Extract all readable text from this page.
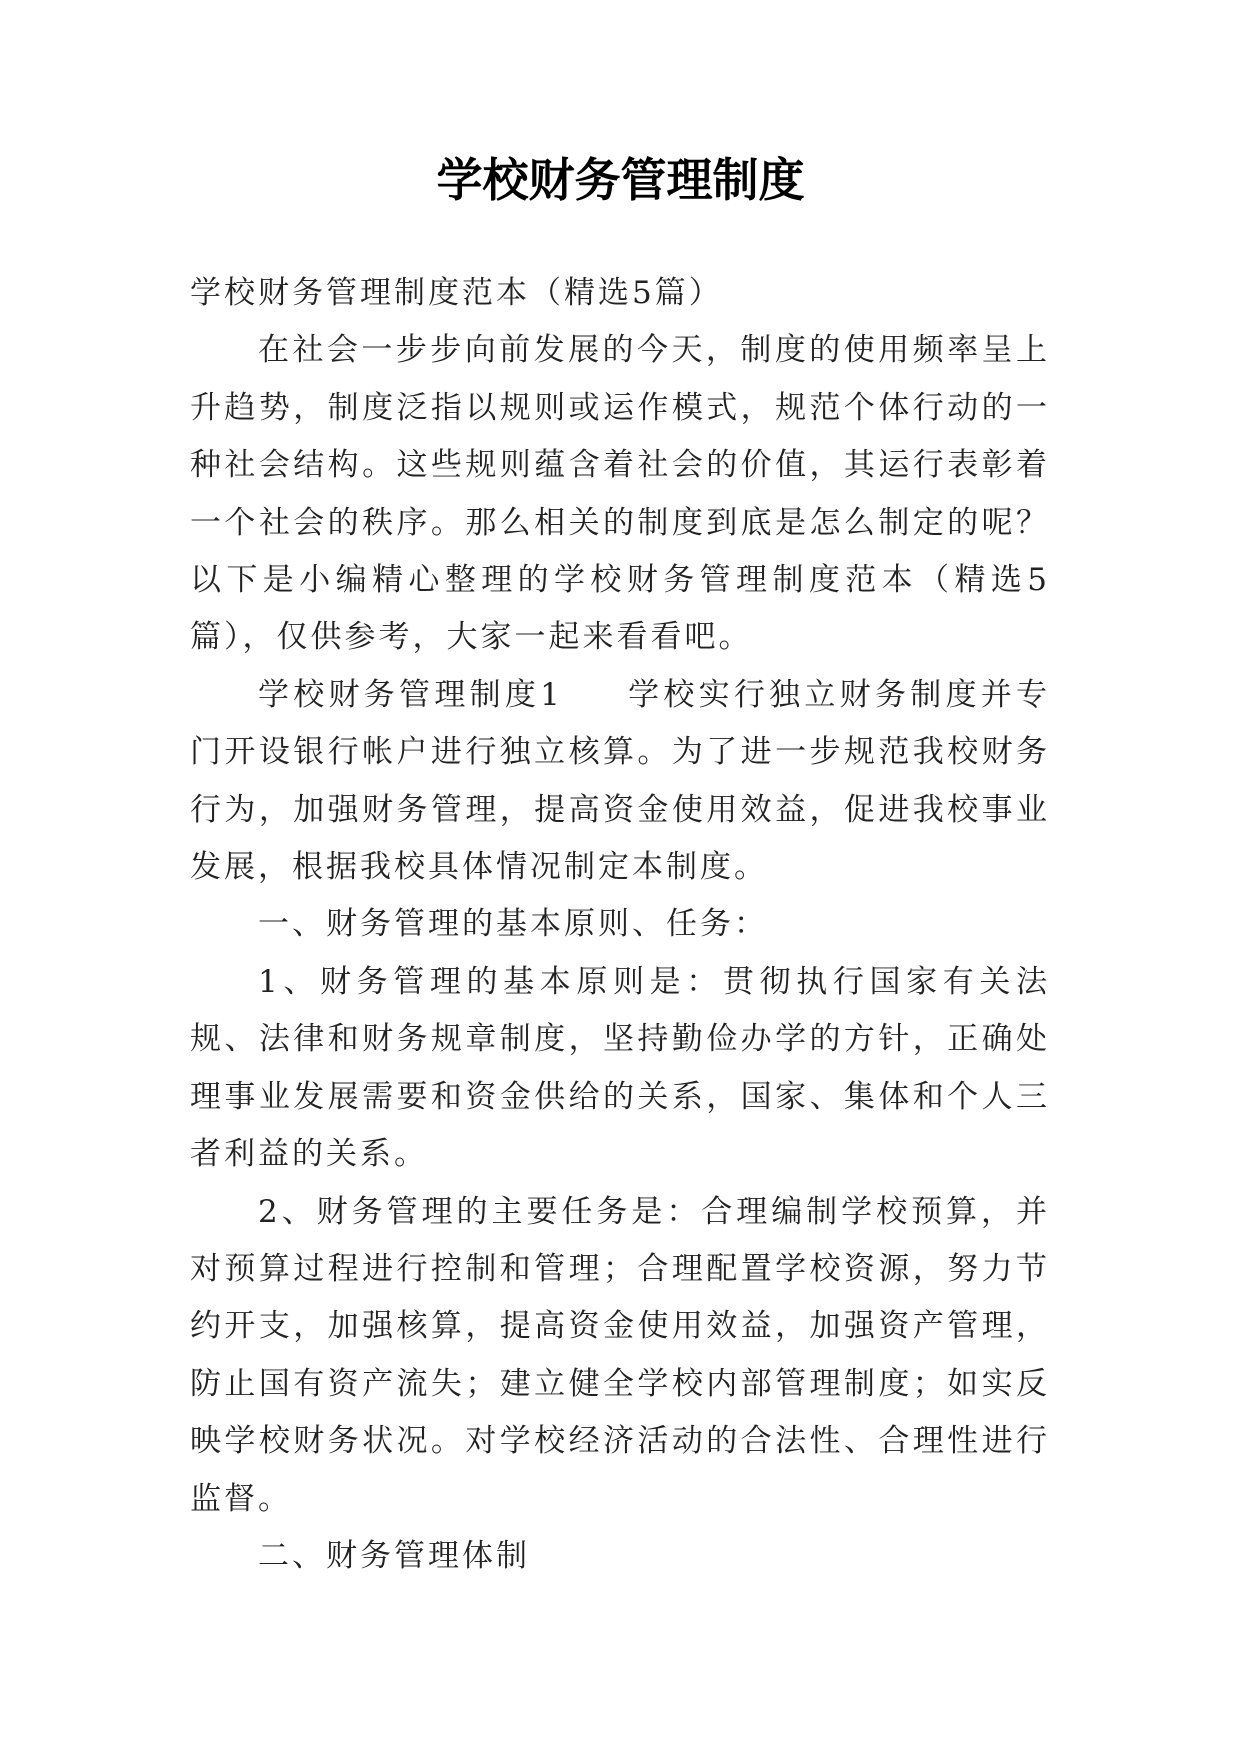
学校财务管理制度

学校财务管理制度范本（精选5篇）

在社会一步步向前发展的今天，制度的使用频率呈上升趋势，制度泛指以规则或运作模式，规范个体行动的一种社会结构。这些规则蕴含着社会的价值，其运行表彰着一个社会的秩序。那么相关的制度到底是怎么制定的呢？以下是小编精心整理的学校财务管理制度范本（精选5篇），仅供参考，大家一起来看看吧。

学校财务管理制度1 学校实行独立财务制度并专门开设银行帐户进行独立核算。为了进一步规范我校财务行为，加强财务管理，提高资金使用效益，促进我校事业发展，根据我校具体情况制定本制度。

一、财务管理的基本原则、任务：

1、财务管理的基本原则是：贯彻执行国家有关法规、法律和财务规章制度，坚持勤俭办学的方针，正确处理事业发展需要和资金供给的关系，国家、集体和个人三者利益的关系。

2、财务管理的主要任务是：合理编制学校预算，并对预算过程进行控制和管理；合理配置学校资源，努力节约开支，加强核算，提高资金使用效益，加强资产管理，防止国有资产流失；建立健全学校内部管理制度；如实反映学校财务状况。对学校经济活动的合法性、合理性进行监督。

二、财务管理体制
